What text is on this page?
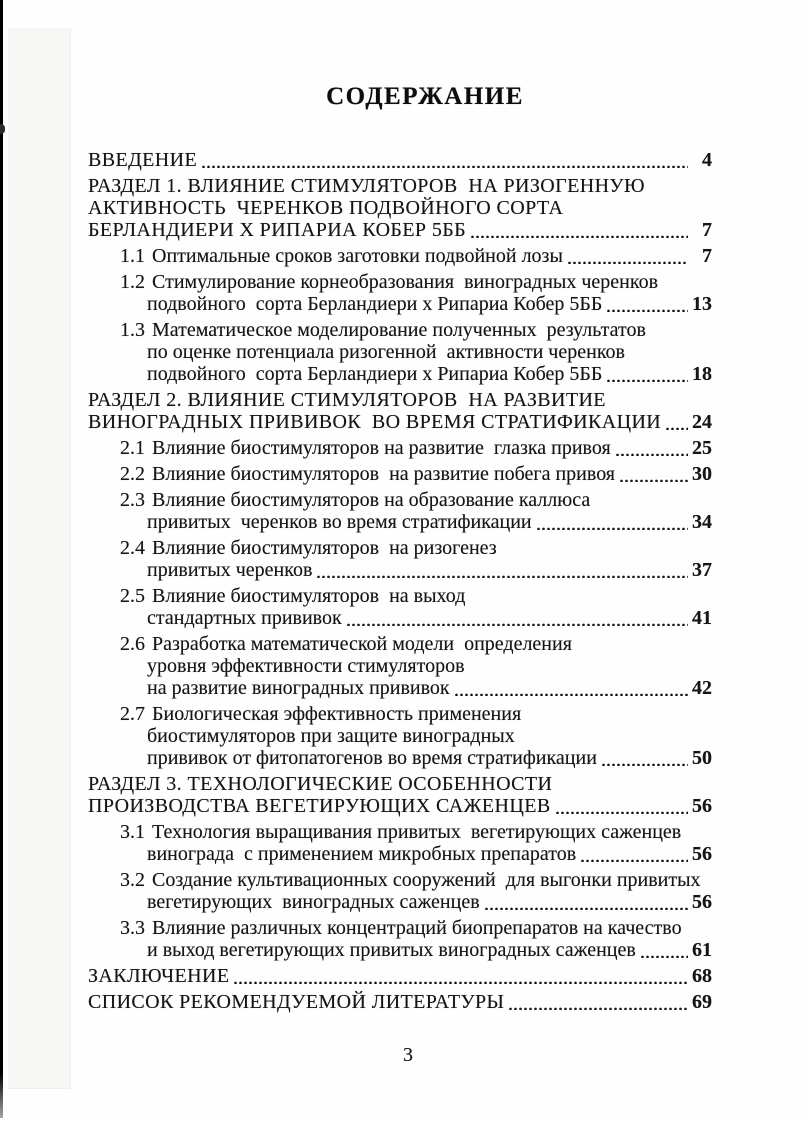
СОДЕРЖАНИЕ
ВВЕДЕНИЕ	4
РАЗДЕЛ 1. ВЛИЯНИЕ СТИМУЛЯТОРОВ  НА РИЗОГЕННУЮ
АКТИВНОСТЬ  ЧЕРЕНКОВ ПОДВОЙНОГО СОРТА
БЕРЛАНДИЕРИ Х РИПАРИА КОБЕР 5ББ	7
1.1 Оптимальные сроков заготовки подвойной лозы	7
1.2 Стимулирование корнеобразования  виноградных черенков
подвойного  сорта Берландиери х Рипариа Кобер 5ББ	13
1.3 Математическое моделирование полученных  результатов
по оценке потенциала ризогенной  активности черенков
подвойного  сорта Берландиери х Рипариа Кобер 5ББ	18
РАЗДЕЛ 2. ВЛИЯНИЕ СТИМУЛЯТОРОВ  НА РАЗВИТИЕ
ВИНОГРАДНЫХ ПРИВИВОК  ВО ВРЕМЯ СТРАТИФИКАЦИИ 24
2.1 Влияние биостимуляторов на развитие  глазка привоя	25
2.2 Влияние биостимуляторов  на развитие побега привоя	30
2.3 Влияние биостимуляторов на образование каллюса
привитых  черенков во время стратификации	34
2.4 Влияние биостимуляторов  на ризогенез
привитых черенков	37
2.5 Влияние биостимуляторов  на выход
стандартных прививок	41
2.6 Разработка математической модели  определения
уровня эффективности стимуляторов
на развитие виноградных прививок	42
2.7 Биологическая эффективность применения
биостимуляторов при защите виноградных
прививок от фитопатогенов во время стратификации	50
РАЗДЕЛ 3. ТЕХНОЛОГИЧЕСКИЕ ОСОБЕННОСТИ
ПРОИЗВОДСТВА ВЕГЕТИРУЮЩИХ САЖЕНЦЕВ	56
3.1 Технология выращивания привитых  вегетирующих саженцев
винограда  с применением микробных препаратов	56
3.2 Создание культивационных сооружений  для выгонки привитых
вегетирующих  виноградных саженцев	56
3.3 Влияние различных концентраций биопрепаратов на качество
и выход вегетирующих привитых виноградных саженцев	61
ЗАКЛЮЧЕНИЕ	68
СПИСОК РЕКОМЕНДУЕМОЙ ЛИТЕРАТУРЫ	69
3
